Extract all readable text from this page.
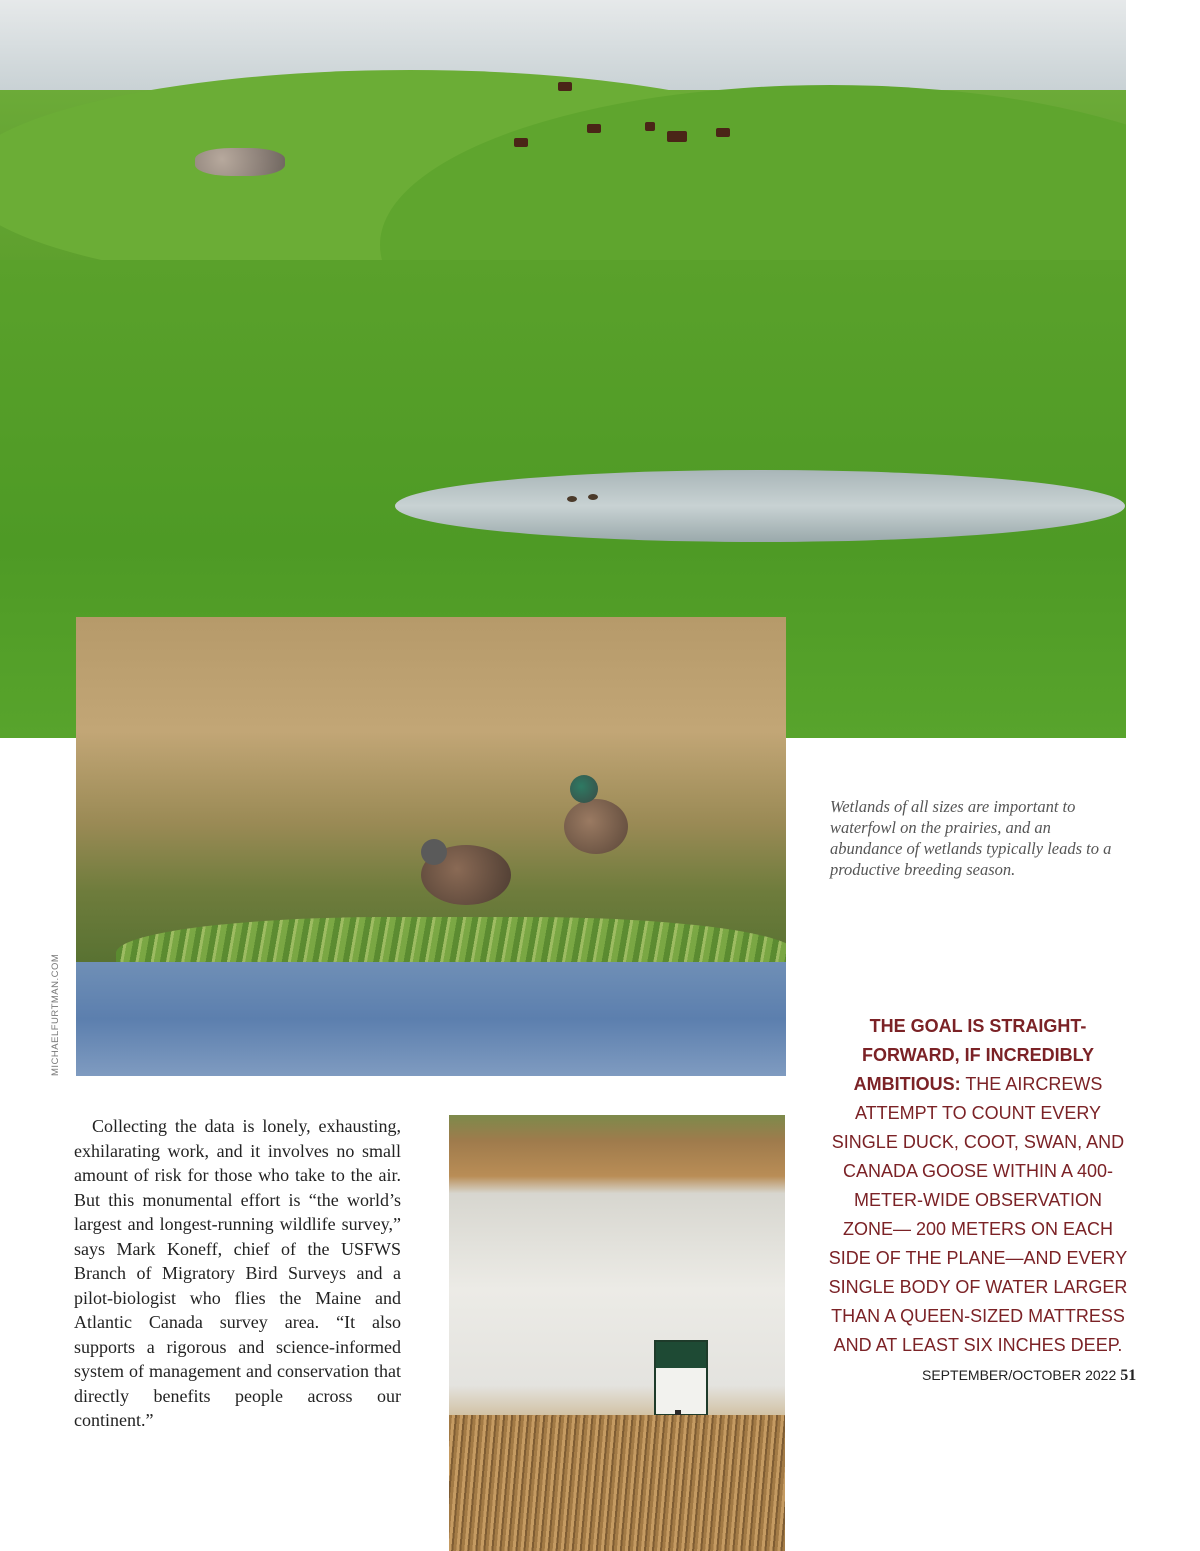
MICHAELFURTMAN.COM

Wetlands of all sizes are important to waterfowl on the prairies, and an abundance of wetlands typically leads to a productive breeding season.

Collecting the data is lonely, exhausting, exhilarating work, and it involves no small amount of risk for those who take to the air. But this monumental effort is “the world’s largest and longest-running wildlife survey,” says Mark Koneff, chief of the USFWS Branch of Migratory Bird Surveys and a pilot-biologist who flies the Maine and Atlantic Canada survey area. “It also supports a rigorous and science-informed system of management and conservation that directly benefits people across our continent.”

THE GOAL IS STRAIGHT-FORWARD, IF INCREDIBLY AMBITIOUS: THE AIRCREWS ATTEMPT TO COUNT EVERY SINGLE DUCK, COOT, SWAN, AND CANADA GOOSE WITHIN A 400-METER-WIDE OBSERVATION ZONE— 200 METERS ON EACH SIDE OF THE PLANE—AND EVERY SINGLE BODY OF WATER LARGER THAN A QUEEN-SIZED MATTRESS AND AT LEAST SIX INCHES DEEP.

SEPTEMBER/OCTOBER 2022 51
